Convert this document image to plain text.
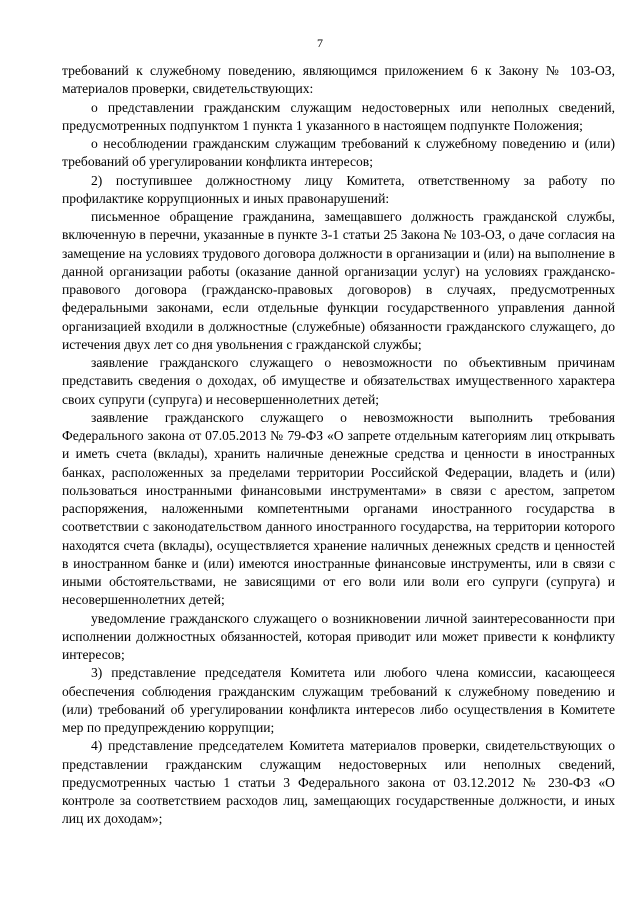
7

требований к служебному поведению, являющимся приложением 6 к Закону № 103-ОЗ, материалов проверки, свидетельствующих:

о представлении гражданским служащим недостоверных или неполных сведений, предусмотренных подпунктом 1 пункта 1 указанного в настоящем подпункте Положения;

о несоблюдении гражданским служащим требований к служебному поведению и (или) требований об урегулировании конфликта интересов;

2) поступившее должностному лицу Комитета, ответственному за работу по профилактике коррупционных и иных правонарушений:

письменное обращение гражданина, замещавшего должность гражданской службы, включенную в перечни, указанные в пункте 3-1 статьи 25 Закона № 103-ОЗ, о даче согласия на замещение на условиях трудового договора должности в организации и (или) на выполнение в данной организации работы (оказание данной организации услуг) на условиях гражданско-правового договора (гражданско-правовых договоров) в случаях, предусмотренных федеральными законами, если отдельные функции государственного управления данной организацией входили в должностные (служебные) обязанности гражданского служащего, до истечения двух лет со дня увольнения с гражданской службы;

заявление гражданского служащего о невозможности по объективным причинам представить сведения о доходах, об имуществе и обязательствах имущественного характера своих супруги (супруга) и несовершеннолетних детей;

заявление гражданского служащего о невозможности выполнить требования Федерального закона от 07.05.2013 № 79-ФЗ «О запрете отдельным категориям лиц открывать и иметь счета (вклады), хранить наличные денежные средства и ценности в иностранных банках, расположенных за пределами территории Российской Федерации, владеть и (или) пользоваться иностранными финансовыми инструментами» в связи с арестом, запретом распоряжения, наложенными компетентными органами иностранного государства в соответствии с законодательством данного иностранного государства, на территории которого находятся счета (вклады), осуществляется хранение наличных денежных средств и ценностей в иностранном банке и (или) имеются иностранные финансовые инструменты, или в связи с иными обстоятельствами, не зависящими от его воли или воли его супруги (супруга) и несовершеннолетних детей;

уведомление гражданского служащего о возникновении личной заинтересованности при исполнении должностных обязанностей, которая приводит или может привести к конфликту интересов;

3) представление председателя Комитета или любого члена комиссии, касающееся обеспечения соблюдения гражданским служащим требований к служебному поведению и (или) требований об урегулировании конфликта интересов либо осуществления в Комитете мер по предупреждению коррупции;

4) представление председателем Комитета материалов проверки, свидетельствующих о представлении гражданским служащим недостоверных или неполных сведений, предусмотренных частью 1 статьи 3 Федерального закона от 03.12.2012 № 230-ФЗ «О контроле за соответствием расходов лиц, замещающих государственные должности, и иных лиц их доходам»;
